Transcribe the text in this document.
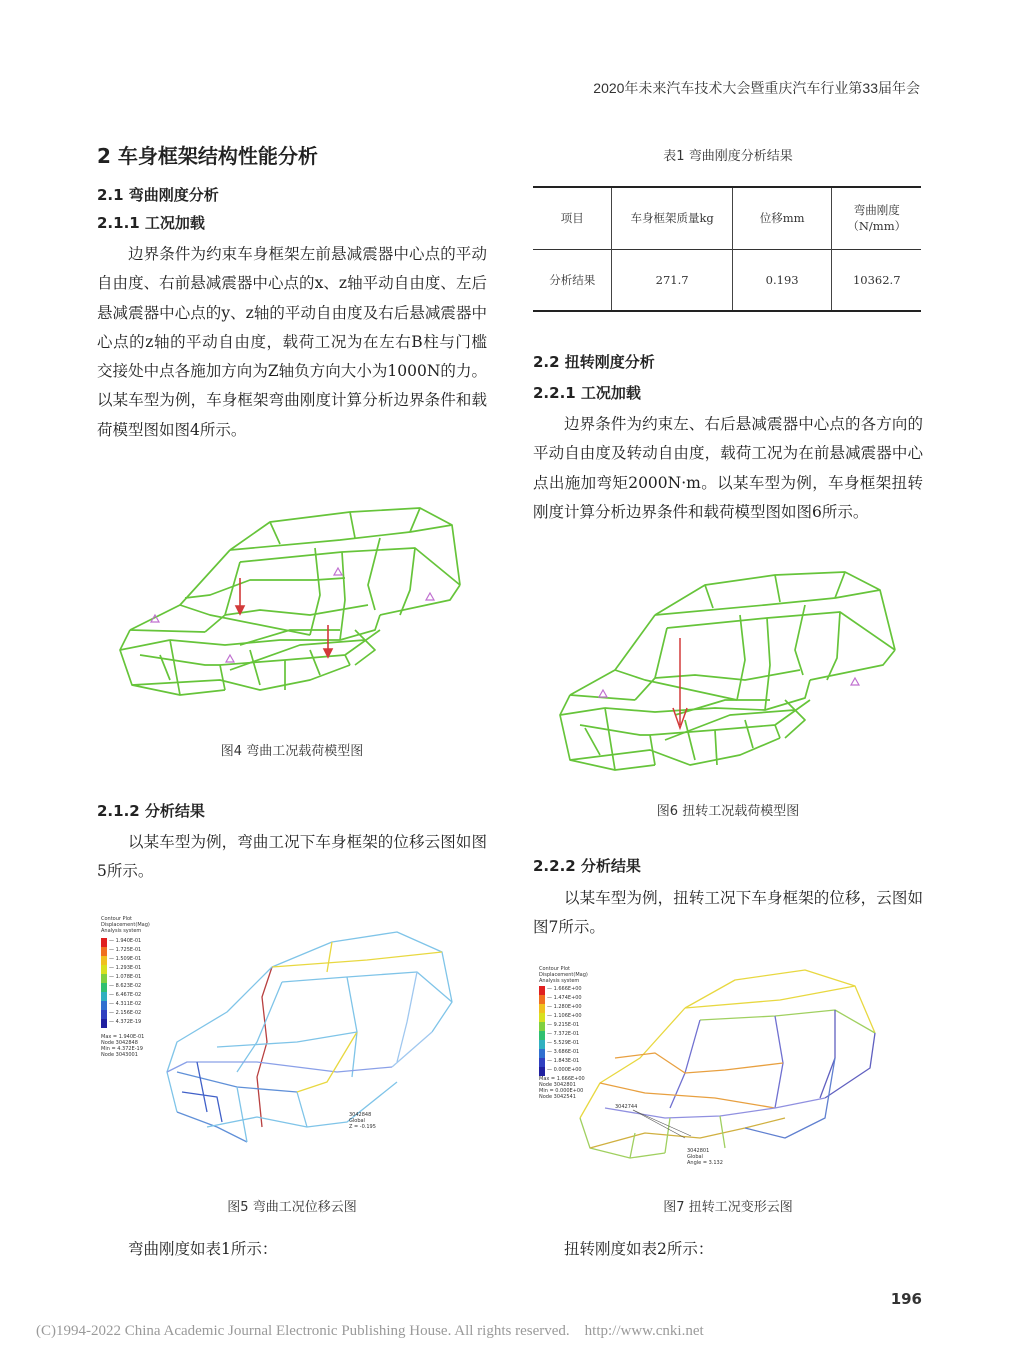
2020年未来汽车技术大会暨重庆汽车行业第33届年会
2 车身框架结构性能分析
2.1 弯曲刚度分析
2.1.1 工况加载
边界条件为约束车身框架左前悬减震器中心点的平动自由度、右前悬减震器中心点的x、z轴平动自由度、左后悬减震器中心点的y、z轴的平动自由度及右后悬减震器中心点的z轴的平动自由度，载荷工况为在左右B柱与门槛交接处中点各施加方向为Z轴负方向大小为1000N的力。以某车型为例，车身框架弯曲刚度计算分析边界条件和载荷模型图如图4所示。
图4 弯曲工况载荷模型图
2.1.2 分析结果
以某车型为例，弯曲工况下车身框架的位移云图如图5所示。
Contour Plot
Displacement(Mag)
Analysis system
— 1.940E-01
— 1.725E-01
— 1.509E-01
— 1.293E-01
— 1.078E-01
— 8.623E-02
— 6.467E-02
— 4.311E-02
— 2.156E-02
— 4.372E-19
Max = 1.940E-01
Node 3042848
Min = 4.372E-19
Node 3043001
3042848
Global
Z = -0.195
图5 弯曲工况位移云图
弯曲刚度如表1所示：
表1 弯曲刚度分析结果
项目	车身框架质量kg	位移mm	弯曲刚度（N/mm）
分析结果	271.7	0.193	10362.7
2.2 扭转刚度分析
2.2.1 工况加载
边界条件为约束左、右后悬减震器中心点的各方向的平动自由度及转动自由度，载荷工况为在前悬减震器中心点出施加弯矩2000N·m。以某车型为例，车身框架扭转刚度计算分析边界条件和载荷模型图如图6所示。
图6 扭转工况载荷模型图
2.2.2 分析结果
以某车型为例，扭转工况下车身框架的位移，云图如图7所示。
Contour Plot
Displacement(Mag)
Analysis system
— 1.666E+00
— 1.474E+00
— 1.280E+00
— 1.106E+00
— 9.215E-01
— 7.372E-01
— 5.529E-01
— 3.686E-01
— 1.843E-01
— 0.000E+00
Max = 1.666E+00
Node 3042801
Min = 0.000E+00
Node 3042541
3042744
3042801
Global
Angle = 3.132
图7 扭转工况变形云图
扭转刚度如表2所示：
196
(C)1994-2022 China Academic Journal Electronic Publishing House. All rights reserved.    http://www.cnki.net
